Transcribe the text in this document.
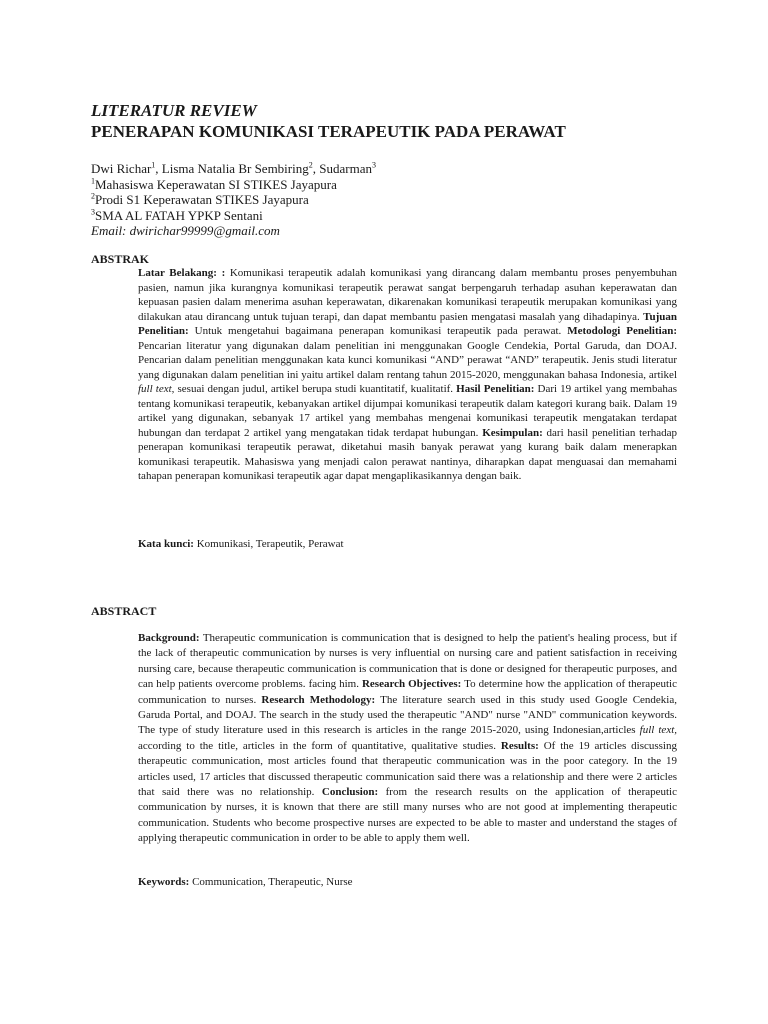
LITERATUR REVIEW
PENERAPAN KOMUNIKASI TERAPEUTIK PADA PERAWAT
Dwi Richar$^1$, Lisma Natalia Br Sembiring$^2$, Sudarman$^3$
$^1$Mahasiswa Keperawatan SI STIKES Jayapura
$^2$Prodi S1 Keperawatan STIKES Jayapura
$^3$SMA AL FATAH YPKP Sentani
Email: dwirichar99999@gmail.com
ABSTRAK
Latar Belakang: : Komunikasi terapeutik adalah komunikasi yang dirancang dalam membantu proses penyembuhan pasien, namun jika kurangnya komunikasi terapeutik perawat sangat berpengaruh terhadap asuhan keperawatan dan kepuasan pasien dalam menerima asuhan keperawatan, dikarenakan komunikasi terapeutik merupakan komunikasi yang dilakukan atau dirancang untuk tujuan terapi, dan dapat membantu pasien mengatasi masalah yang dihadapinya. Tujuan Penelitian: Untuk mengetahui bagaimana penerapan komunikasi terapeutik pada perawat. Metodologi Penelitian: Pencarian literatur yang digunakan dalam penelitian ini menggunakan Google Cendekia, Portal Garuda, dan DOAJ. Pencarian dalam penelitian menggunakan kata kunci komunikasi “AND” perawat “AND” terapeutik. Jenis studi literatur yang digunakan dalam penelitian ini yaitu artikel dalam rentang tahun 2015-2020, menggunakan bahasa Indonesia, artikel full text, sesuai dengan judul, artikel berupa studi kuantitatif, kualitatif. Hasil Penelitian: Dari 19 artikel yang membahas tentang komunikasi terapeutik, kebanyakan artikel dijumpai komunikasi terapeutik dalam kategori kurang baik. Dalam 19 artikel yang digunakan, sebanyak 17 artikel yang membahas mengenai komunikasi terapeutik mengatakan terdapat hubungan dan terdapat 2 artikel yang mengatakan tidak terdapat hubungan. Kesimpulan: dari hasil penelitian terhadap penerapan komunikasi terapeutik perawat, diketahui masih banyak perawat yang kurang baik dalam menerapkan komunikasi terapeutik. Mahasiswa yang menjadi calon perawat nantinya, diharapkan dapat menguasai dan memahami tahapan penerapan komunikasi terapeutik agar dapat mengaplikasikannya dengan baik.
Kata kunci: Komunikasi, Terapeutik, Perawat
ABSTRACT
Background: Therapeutic communication is communication that is designed to help the patient's healing process, but if the lack of therapeutic communication by nurses is very influential on nursing care and patient satisfaction in receiving nursing care, because therapeutic communication is communication that is done or designed for therapeutic purposes, and can help patients overcome problems. facing him. Research Objectives: To determine how the application of therapeutic communication to nurses. Research Methodology: The literature search used in this study used Google Cendekia, Garuda Portal, and DOAJ. The search in the study used the therapeutic "AND" nurse "AND" communication keywords. The type of study literature used in this research is articles in the range 2015-2020, using Indonesian,articles full text, according to the title, articles in the form of quantitative, qualitative studies. Results: Of the 19 articles discussing therapeutic communication, most articles found that therapeutic communication was in the poor category. In the 19 articles used, 17 articles that discussed therapeutic communication said there was a relationship and there were 2 articles that said there was no relationship. Conclusion: from the research results on the application of therapeutic communication by nurses, it is known that there are still many nurses who are not good at implementing therapeutic communication. Students who become prospective nurses are expected to be able to master and understand the stages of applying therapeutic communication in order to be able to apply them well.
Keywords: Communication, Therapeutic, Nurse
